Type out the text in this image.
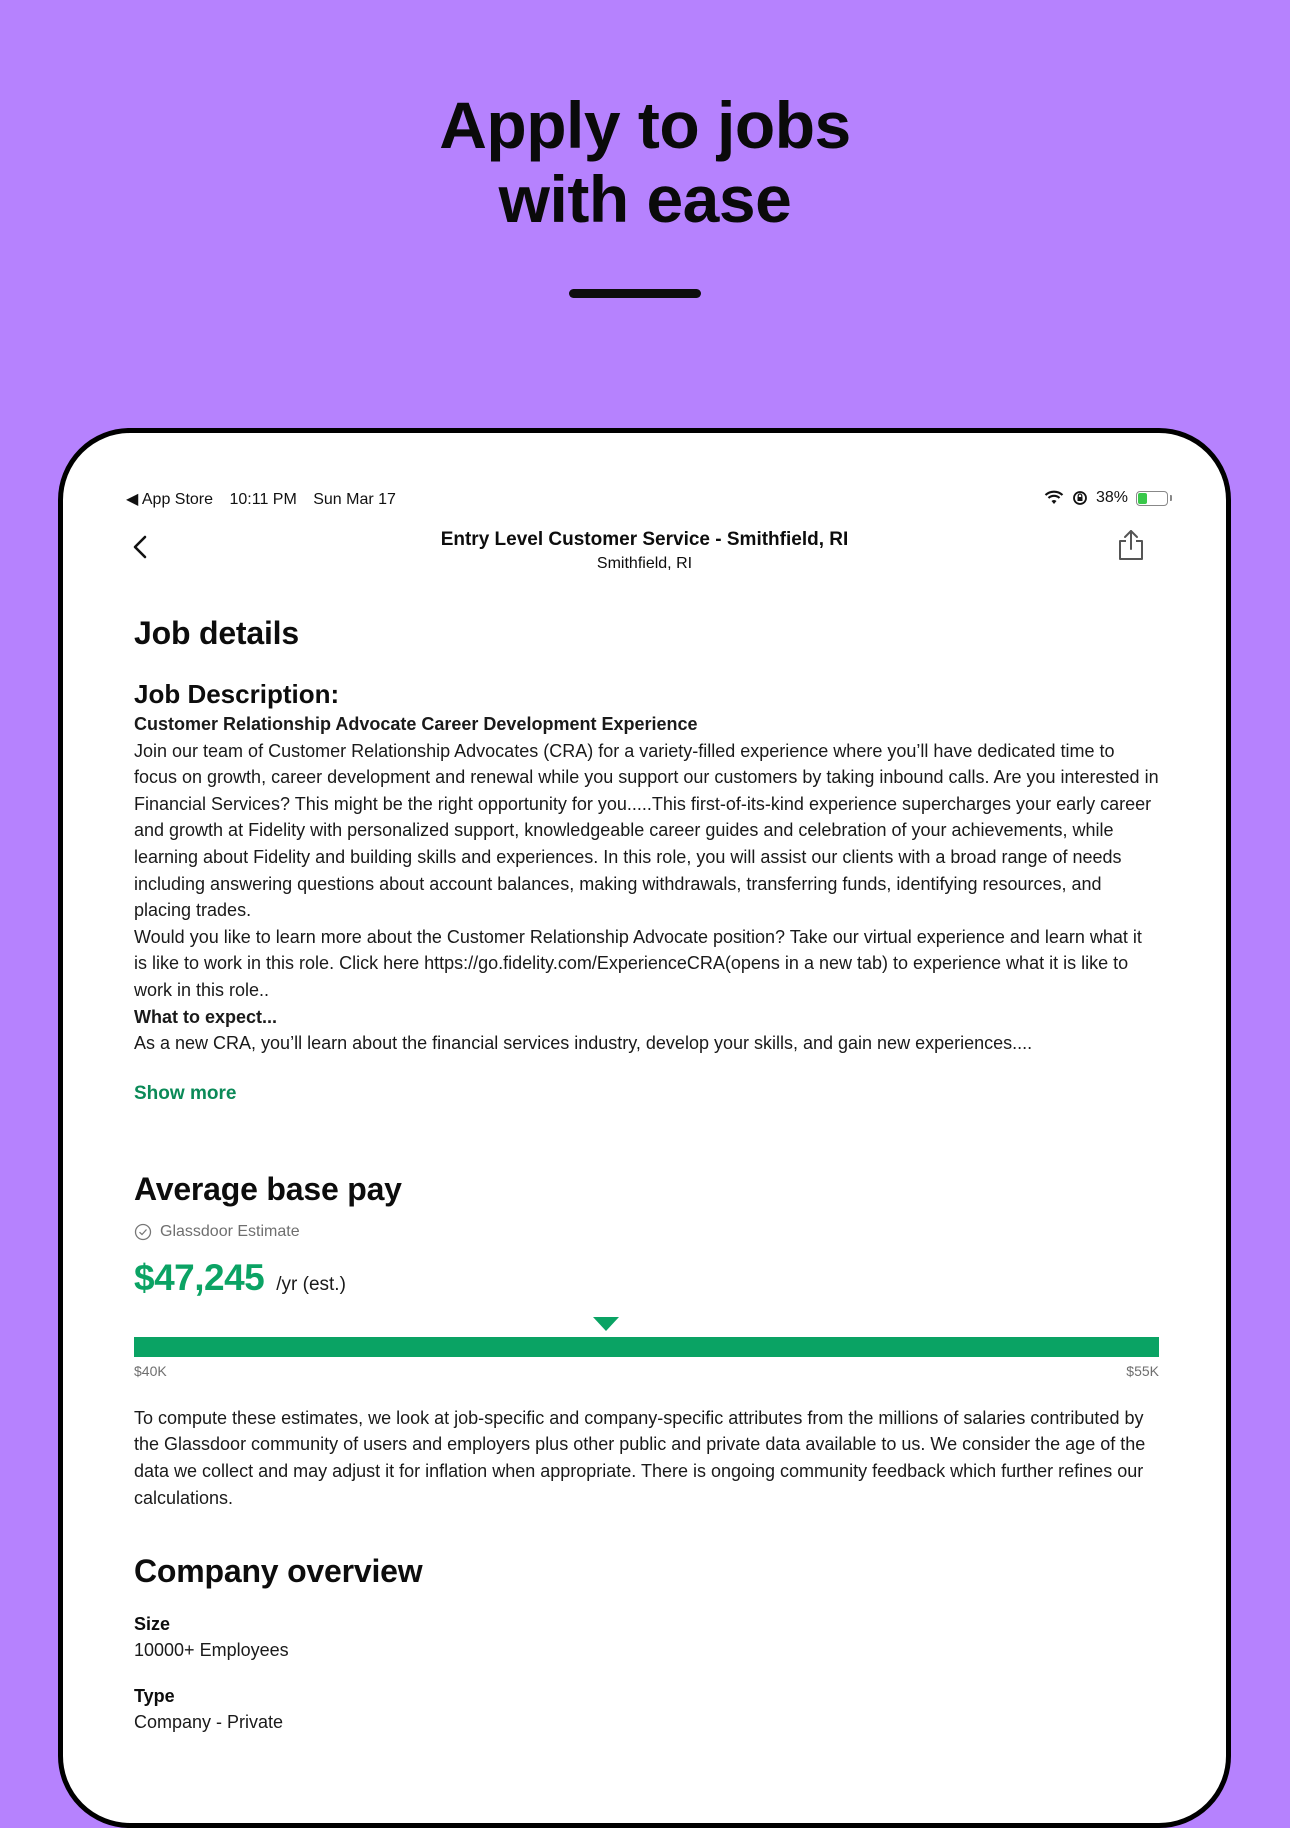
Apply to jobs
with ease
◀ App Store 10:11 PM Sun Mar 17	38%
Entry Level Customer Service - Smithfield, RI
Smithfield, RI
Job details
Job Description:
Customer Relationship Advocate Career Development Experience
Join our team of Customer Relationship Advocates (CRA) for a variety-filled experience where you’ll have dedicated time to focus on growth, career development and renewal while you support our customers by taking inbound calls. Are you interested in Financial Services? This might be the right opportunity for you.....This first-of-its-kind experience supercharges your early career and growth at Fidelity with personalized support, knowledgeable career guides and celebration of your achievements, while learning about Fidelity and building skills and experiences. In this role, you will assist our clients with a broad range of needs including answering questions about account balances, making withdrawals, transferring funds, identifying resources, and placing trades.
Would you like to learn more about the Customer Relationship Advocate position? Take our virtual experience and learn what it is like to work in this role. Click here https://go.fidelity.com/ExperienceCRA(opens in a new tab) to experience what it is like to work in this role..
What to expect...
As a new CRA, you’ll learn about the financial services industry, develop your skills, and gain new experiences....
Show more
Average base pay
Glassdoor Estimate
$47,245 /yr (est.)
$40K	$55K
To compute these estimates, we look at job-specific and company-specific attributes from the millions of salaries contributed by the Glassdoor community of users and employers plus other public and private data available to us. We consider the age of the data we collect and may adjust it for inflation when appropriate. There is ongoing community feedback which further refines our calculations.
Company overview
Size
10000+ Employees
Type
Company - Private
